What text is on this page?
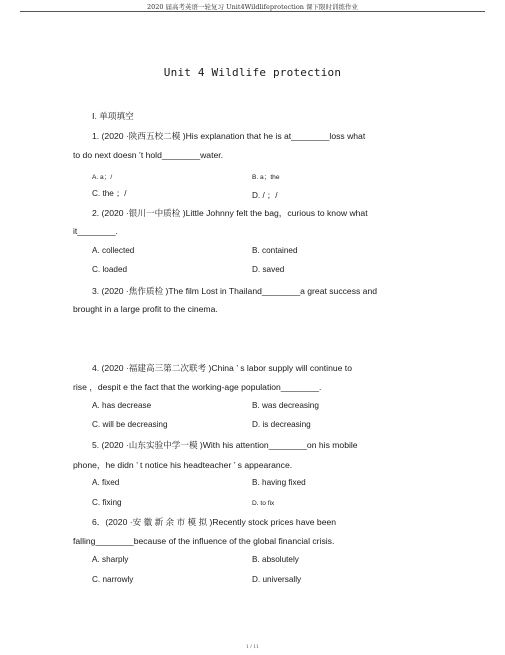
2020 届高考英语一轮复习 Unit4Wildlifeprotection 课下限时训练作业
Unit 4 Wildlife protection
Ⅰ. 单项填空
1. (2020 ·陕西五校二模 )His explanation that he is at________loss what
to do next doesn ’t hold________water.
A. a；/	B. a；the
C. the ；/	D. / ；/
2. (2020 ·银川一中质检 )Little Johnny felt the bag，curious to know what
it________.
A. collected	B. contained
C. loaded	D. saved
3. (2020 ·焦作质检 )The film Lost in Thailand________a great success and
brought in a large profit to the cinema.
4. (2020 ·福建高三第二次联考 )China ’ s labor supply will continue to
rise ，despit e the fact that the working-age population________.
A. has decrease	B. was decreasing
C. will be decreasing	D. is decreasing
5. (2020 ·山东实验中学一模 )With his attention________on his mobile
phone，he didn ’ t notice his headteacher ’ s appearance.
A. fixed	B. having fixed
C. fixing	D. to fix
6．(2020 ·安 徽 新 余 市 模 拟 )Recently stock prices have been
falling________because of the influence of the global financial crisis.
A. sharply	B. absolutely
C. narrowly	D. universally
1 / 11
